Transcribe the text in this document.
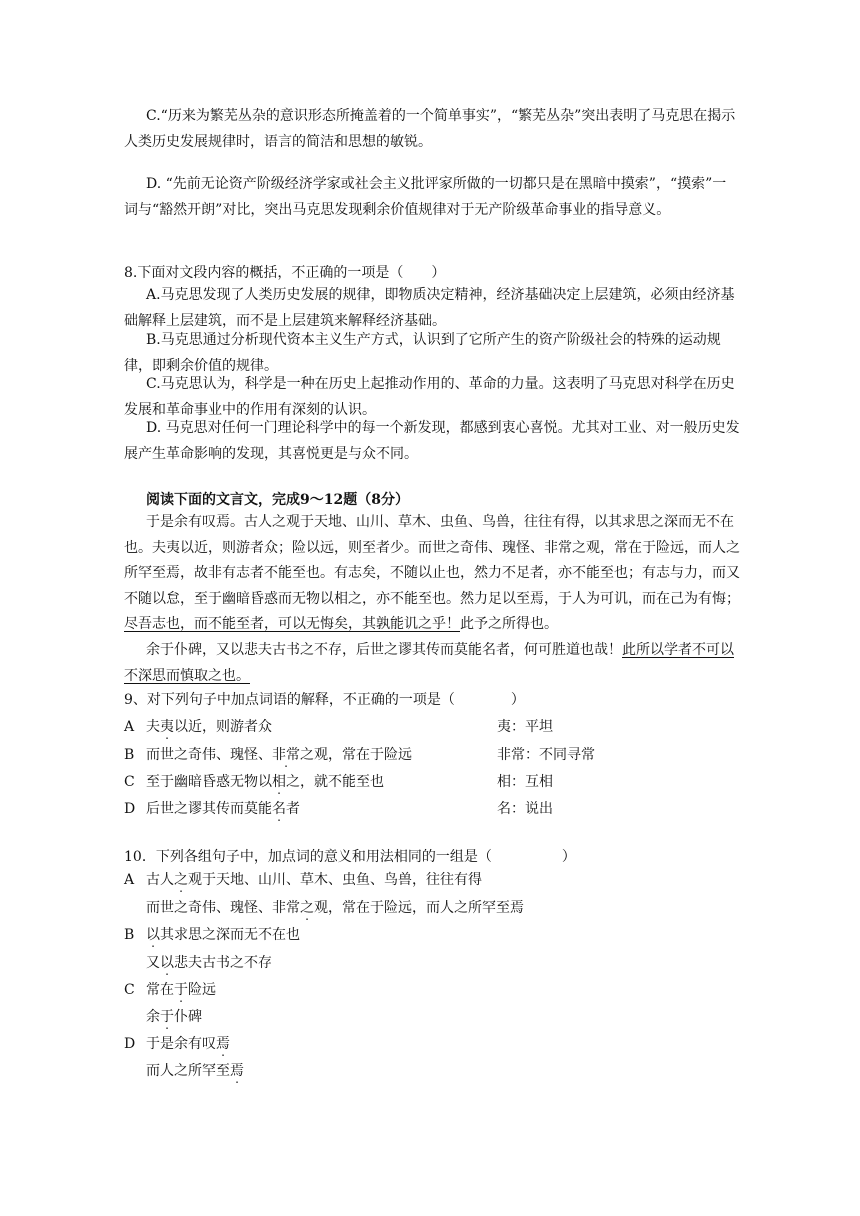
C.“历来为繁芜丛杂的意识形态所掩盖着的一个简单事实”，“繁芜丛杂”突出表明了马克思在揭示人类历史发展规律时，语言的简洁和思想的敏锐。

D. “先前无论资产阶级经济学家或社会主义批评家所做的一切都只是在黑暗中摸索”，“摸索”一词与“豁然开朗”对比，突出马克思发现剩余价值规律对于无产阶级革命事业的指导意义。

8.下面对文段内容的概括，不正确的一项是（　　）

A.马克思发现了人类历史发展的规律，即物质决定精神，经济基础决定上层建筑，必须由经济基础解释上层建筑，而不是上层建筑来解释经济基础。

B.马克思通过分析现代资本主义生产方式，认识到了它所产生的资产阶级社会的特殊的运动规律，即剩余价值的规律。

C.马克思认为，科学是一种在历史上起推动作用的、革命的力量。这表明了马克思对科学在历史发展和革命事业中的作用有深刻的认识。

D. 马克思对任何一门理论科学中的每一个新发现，都感到衷心喜悦。尤其对工业、对一般历史发展产生革命影响的发现，其喜悦更是与众不同。

阅读下面的文言文，完成9～12题（8分）

于是余有叹焉。古人之观于天地、山川、草木、虫鱼、鸟兽，往往有得，以其求思之深而无不在也。夫夷以近，则游者众；险以远，则至者少。而世之奇伟、瑰怪、非常之观，常在于险远，而人之所罕至焉，故非有志者不能至也。有志矣，不随以止也，然力不足者，亦不能至也；有志与力，而又不随以怠，至于幽暗昏惑而无物以相之，亦不能至也。然力足以至焉，于人为可讥，而在己为有悔；尽吾志也，而不能至者，可以无悔矣，其孰能讥之乎！此予之所得也。

余于仆碑，又以悲夫古书之不存，后世之谬其传而莫能名者，何可胜道也哉！此所以学者不可以不深思而慎取之也。

9、对下列句子中加点词语的解释，不正确的一项是（　　　　）

A 夫夷以近，则游者众	夷：平坦

B 而世之奇伟、瑰怪、非常之观，常在于险远	非常：不同寻常

C 至于幽暗昏惑无物以相之，就不能至也	相：互相

D 后世之谬其传而莫能名者	名：说出

10．下列各组句子中，加点词的意义和用法相同的一组是（　　　　　）

A 古人之观于天地、山川、草木、虫鱼、鸟兽，往往有得

而世之奇伟、瑰怪、非常之观，常在于险远，而人之所罕至焉

B 以其求思之深而无不在也

又以悲夫古书之不存

C 常在于险远

余于仆碑

D 于是余有叹焉

而人之所罕至焉
